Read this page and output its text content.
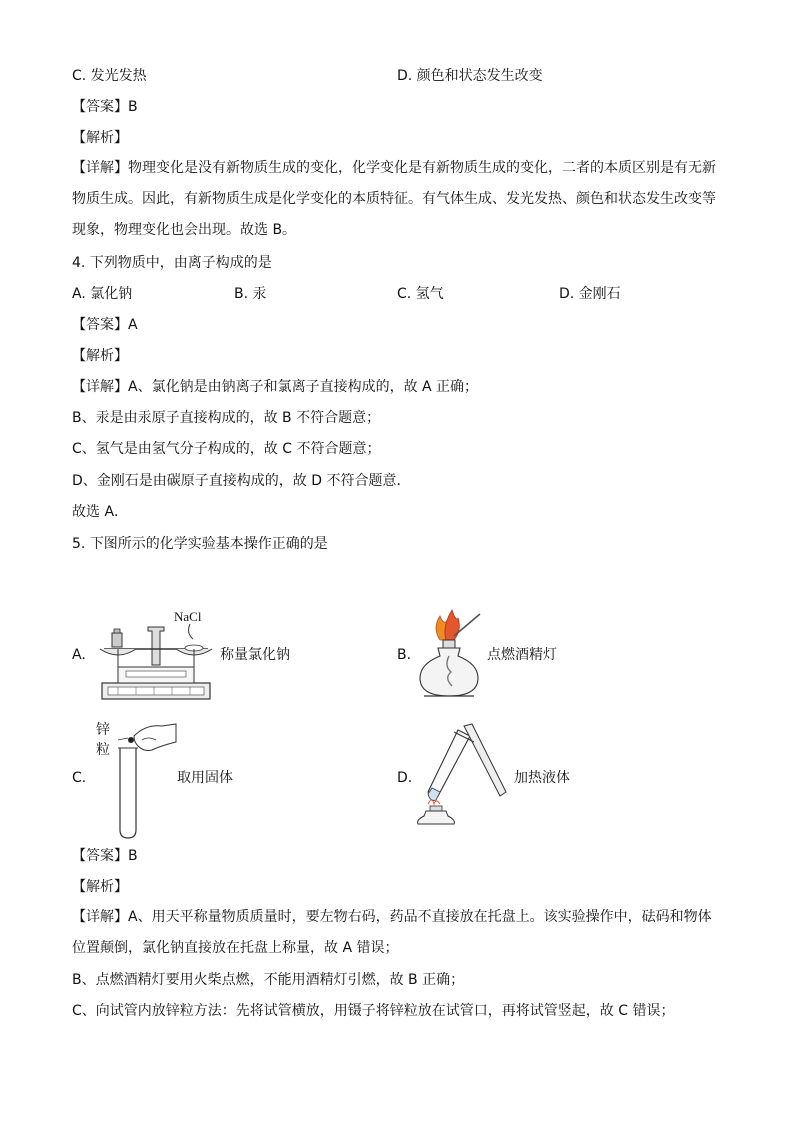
C. 发光发热	D. 颜色和状态发生改变
【答案】B
【解析】
【详解】物理变化是没有新物质生成的变化，化学变化是有新物质生成的变化，二者的本质区别是有无新物质生成。因此，有新物质生成是化学变化的本质特征。有气体生成、发光发热、颜色和状态发生改变等现象，物理变化也会出现。故选 B。
4. 下列物质中，由离子构成的是
A. 氯化钠	B. 汞	C. 氢气	D. 金刚石
【答案】A
【解析】
【详解】A、氯化钠是由钠离子和氯离子直接构成的，故 A 正确；
B、汞是由汞原子直接构成的，故 B 不符合题意；
C、氢气是由氢气分子构成的，故 C 不符合题意；
D、金刚石是由碳原子直接构成的，故 D 不符合题意．
故选 A．
5. 下图所示的化学实验基本操作正确的是
A.
NaCl
称量氯化钠	B.	点燃酒精灯
C.
锌
粒
取用固体	D.	加热液体
【答案】B
【解析】
【详解】A、用天平称量物质质量时，要左物右码，药品不直接放在托盘上。该实验操作中，砝码和物体位置颠倒，氯化钠直接放在托盘上称量，故 A 错误；
B、点燃酒精灯要用火柴点燃，不能用酒精灯引燃，故 B 正确；
C、向试管内放锌粒方法：先将试管横放，用镊子将锌粒放在试管口，再将试管竖起，故 C 错误；
